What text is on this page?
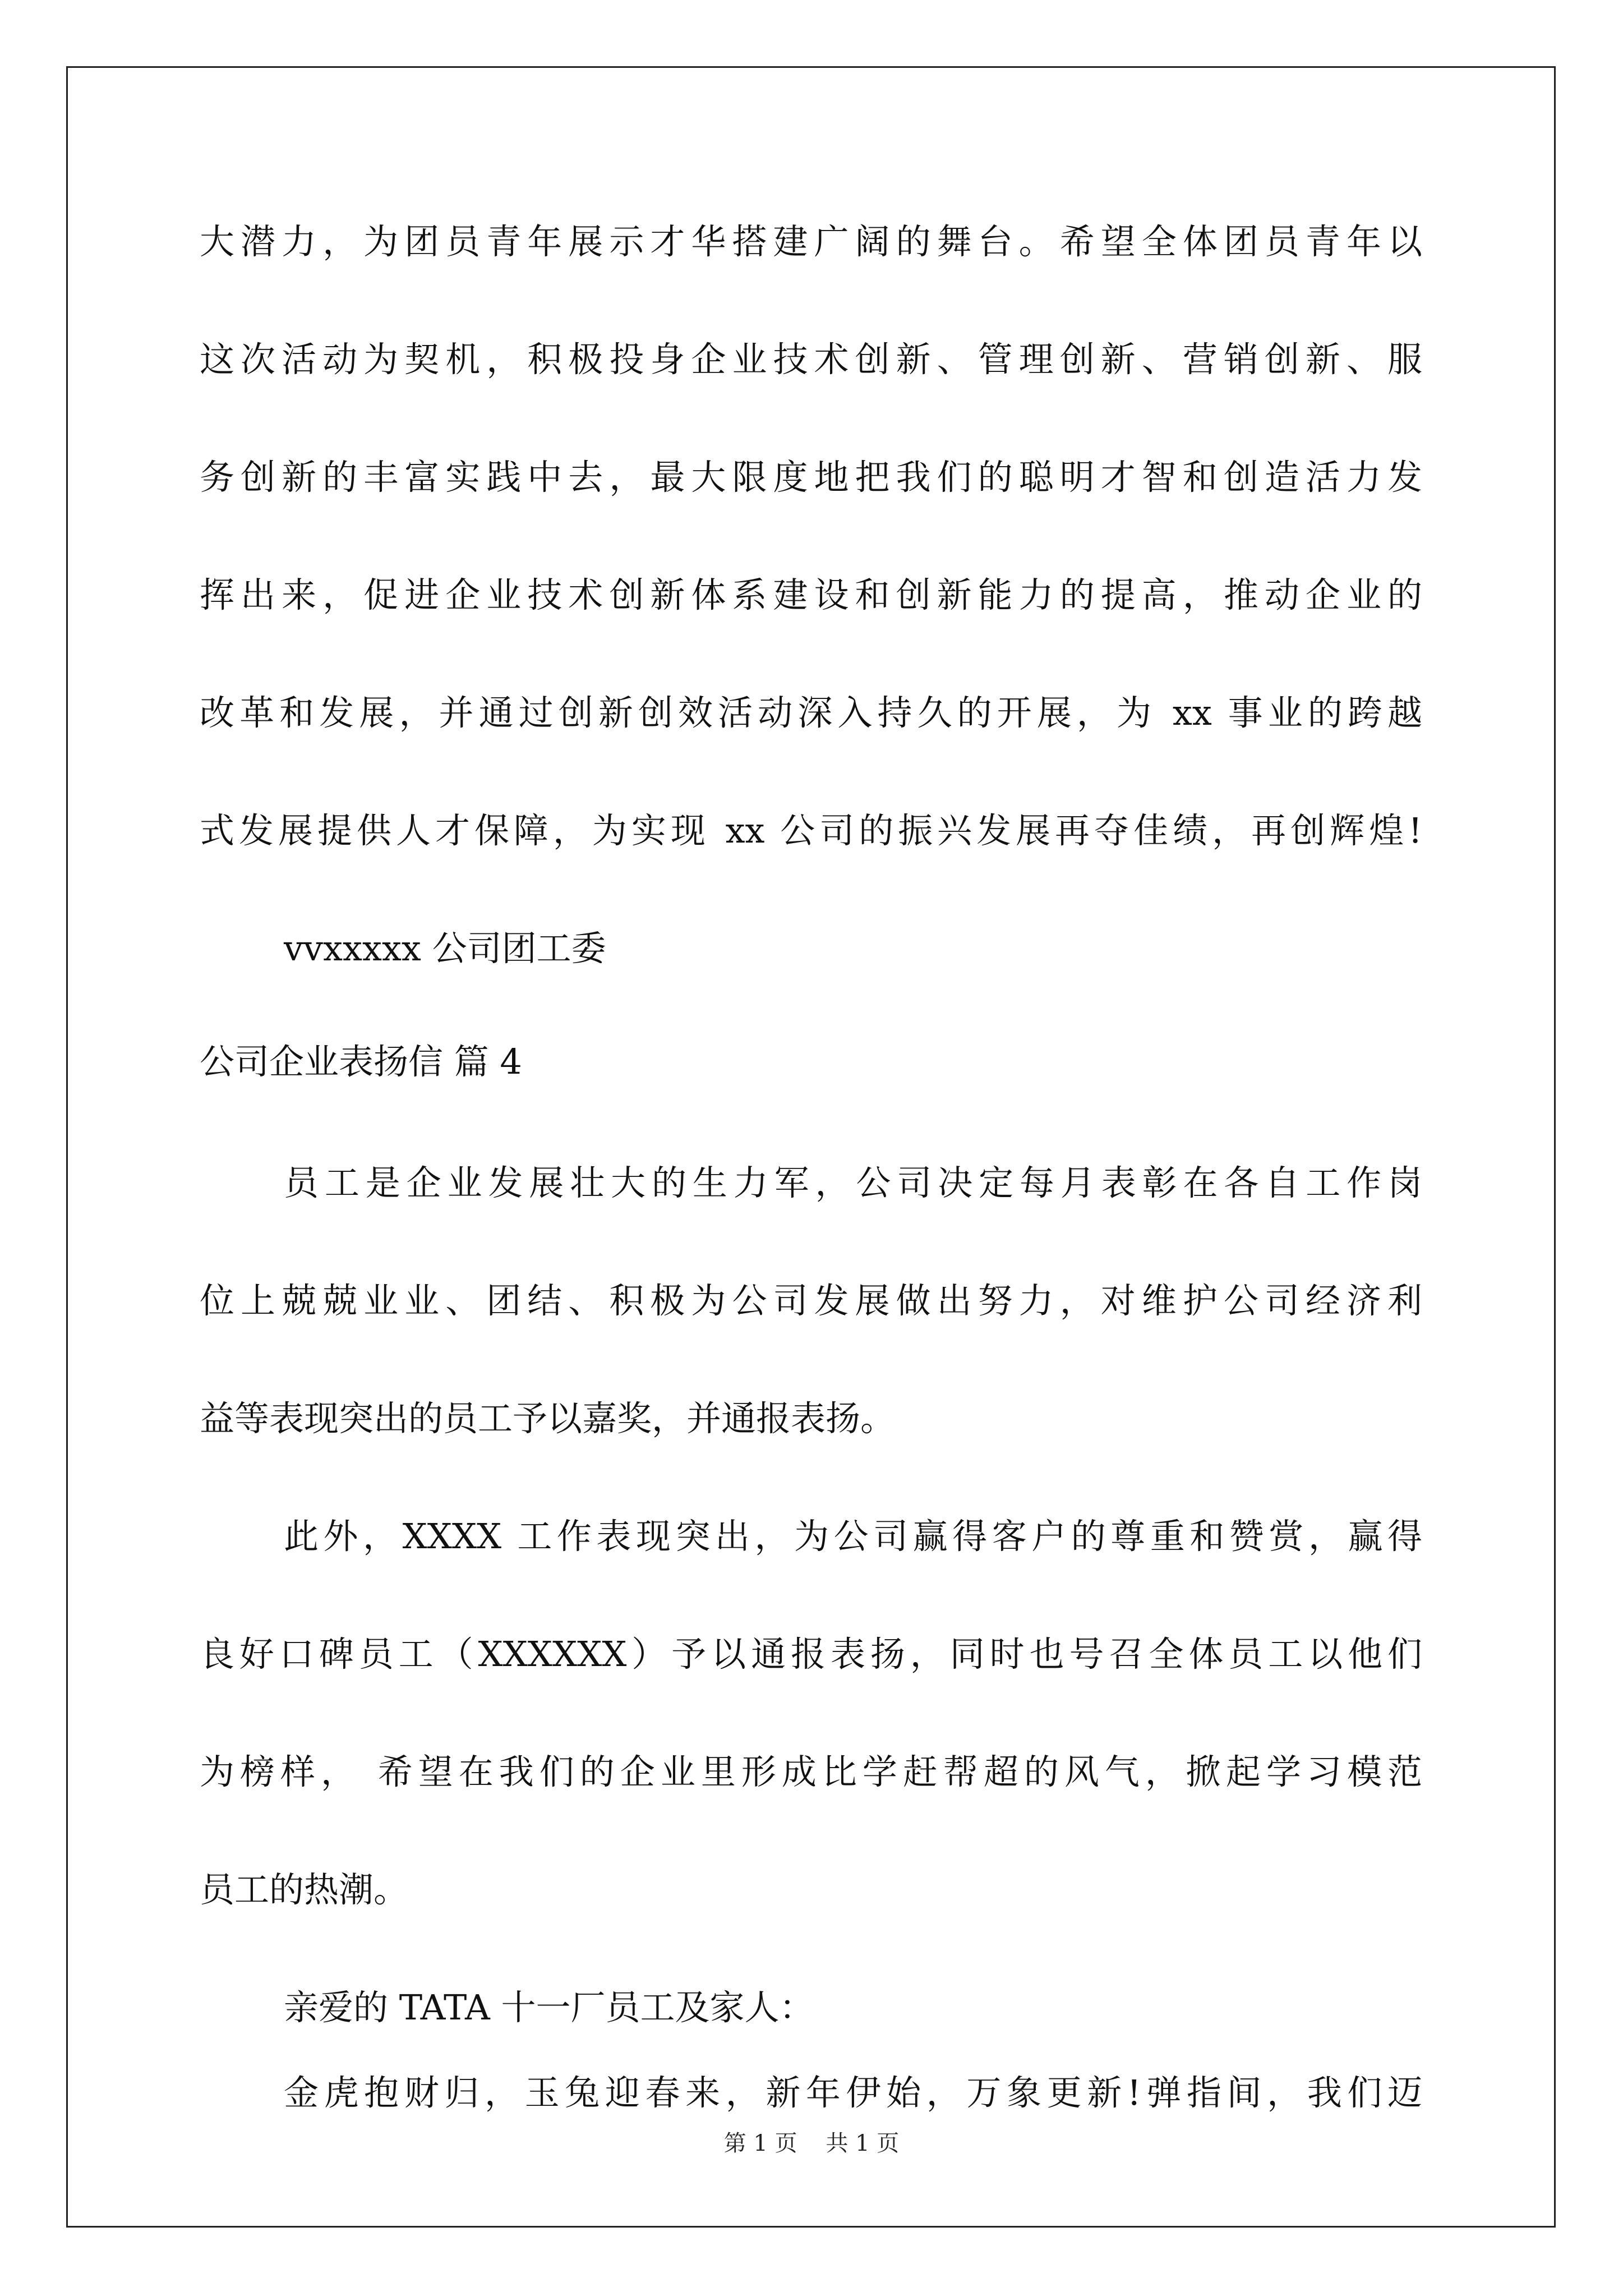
大潜力，为团员青年展示才华搭建广阔的舞台。希望全体团员青年以
这次活动为契机，积极投身企业技术创新、管理创新、营销创新、服
务创新的丰富实践中去，最大限度地把我们的聪明才智和创造活力发
挥出来，促进企业技术创新体系建设和创新能力的提高，推动企业的
改革和发展，并通过创新创效活动深入持久的开展，为 xx 事业的跨越
式发展提供人才保障，为实现 xx 公司的振兴发展再夺佳绩，再创辉煌!
vvxxxxx 公司团工委
公司企业表扬信 篇 4
员工是企业发展壮大的生力军，公司决定每月表彰在各自工作岗
位上兢兢业业、团结、积极为公司发展做出努力，对维护公司经济利
益等表现突出的员工予以嘉奖，并通报表扬。
此外，XXXX 工作表现突出，为公司赢得客户的尊重和赞赏，赢得
良好口碑员工（XXXXXX）予以通报表扬，同时也号召全体员工以他们
为榜样， 希望在我们的企业里形成比学赶帮超的风气，掀起学习模范
员工的热潮。
亲爱的 TATA 十一厂员工及家人：
金虎抱财归，玉兔迎春来，新年伊始，万象更新!弹指间，我们迈
第 1 页    共 1 页
